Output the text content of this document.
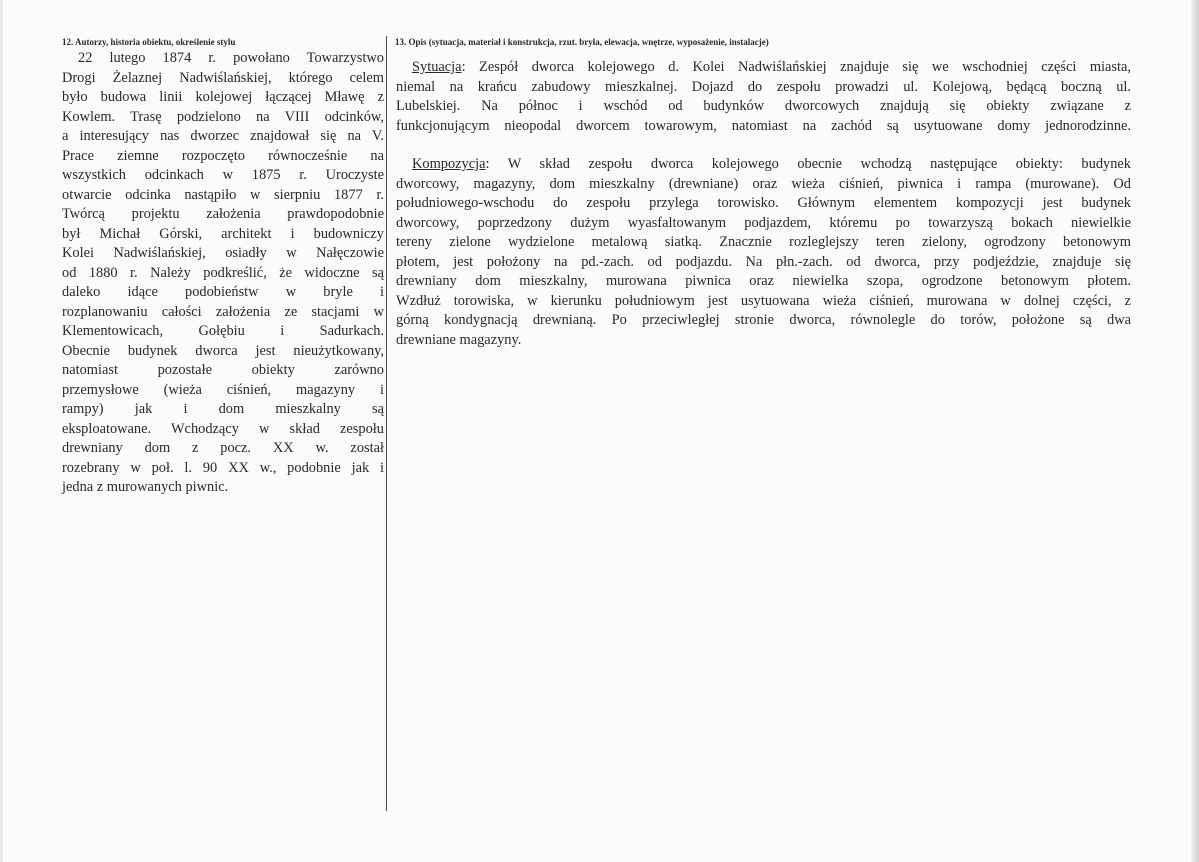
12. Autorzy, historia obiektu, określenie stylu	13. Opis (sytuacja, materiał i konstrukcja, rzut. bryła, elewacja, wnętrze, wyposażenie, instalacje)
22 lutego 1874 r. powołano Towarzystwo
Drogi Żelaznej Nadwiślańskiej, którego celem
było budowa linii kolejowej łączącej Mławę z
Kowlem. Trasę podzielono na VIII odcinków,
a interesujący nas dworzec znajdował się na V.
Prace ziemne rozpoczęto równocześnie na
wszystkich odcinkach w 1875 r. Uroczyste
otwarcie odcinka nastąpiło w sierpniu 1877 r.
Twórcą projektu założenia prawdopodobnie
był Michał Górski, architekt i budowniczy
Kolei Nadwiślańskiej, osiadły w Nałęczowie
od 1880 r. Należy podkreślić, że widoczne są
daleko idące podobieństw w bryle i
rozplanowaniu całości założenia ze stacjami w
Klementowicach, Gołębiu i Sadurkach.
Obecnie budynek dworca jest nieużytkowany,
natomiast pozostałe obiekty zarówno
przemysłowe (wieża ciśnień, magazyny i
rampy) jak i dom mieszkalny są
eksploatowane. Wchodzący w skład zespołu
drewniany dom z pocz. XX w. został
rozebrany w poł. l. 90 XX w., podobnie jak i
jedna z murowanych piwnic.
Sytuacja: Zespół dworca kolejowego d. Kolei Nadwiślańskiej znajduje się we wschodniej części miasta,
niemal na krańcu zabudowy mieszkalnej. Dojazd do zespołu prowadzi ul. Kolejową, będącą boczną ul.
Lubelskiej. Na północ i wschód od budynków dworcowych znajdują się obiekty związane z
funkcjonującym nieopodal dworcem towarowym, natomiast na zachód są usytuowane domy jednorodzinne.
Kompozycja: W skład zespołu dworca kolejowego obecnie wchodzą następujące obiekty: budynek
dworcowy, magazyny, dom mieszkalny (drewniane) oraz wieża ciśnień, piwnica i rampa (murowane). Od
południowego-wschodu do zespołu przylega torowisko. Głównym elementem kompozycji jest budynek
dworcowy, poprzedzony dużym wyasfaltowanym podjazdem, któremu po towarzyszą bokach niewielkie
tereny zielone wydzielone metalową siatką. Znacznie rozleglejszy teren zielony, ogrodzony betonowym
płotem, jest położony na pd.-zach. od podjazdu. Na płn.-zach. od dworca, przy podjeździe, znajduje się
drewniany dom mieszkalny, murowana piwnica oraz niewielka szopa, ogrodzone betonowym płotem.
Wzdłuż torowiska, w kierunku południowym jest usytuowana wieża ciśnień, murowana w dolnej części, z
górną kondygnacją drewnianą. Po przeciwległej stronie dworca, równolegle do torów, położone są dwa
drewniane magazyny.
